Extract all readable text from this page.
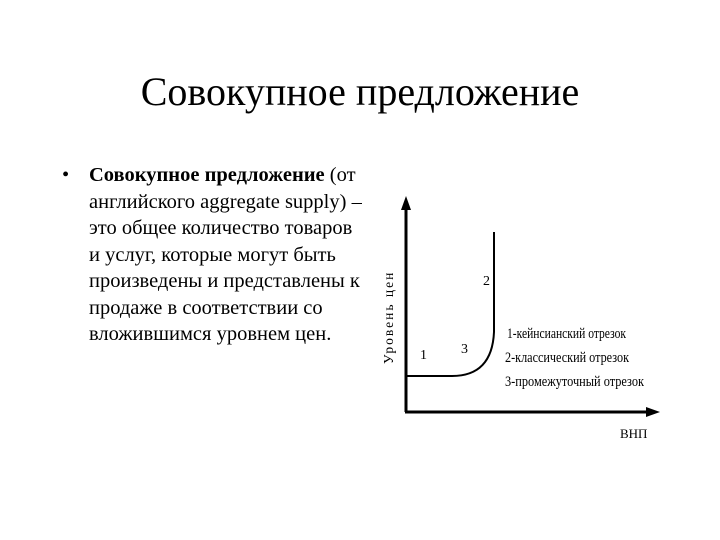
Совокупное предложение
• Совокупное предложение (от английского aggregate supply) – это общее количество товаров и услуг, которые могут быть произведены и представлены к продаже в соответствии со вложившимся уровнем цен.	Уровень цен 1
2
3
1-кейнсианский отрезок
2-классический отрезок
3-промежуточный отрезок
ВНП
